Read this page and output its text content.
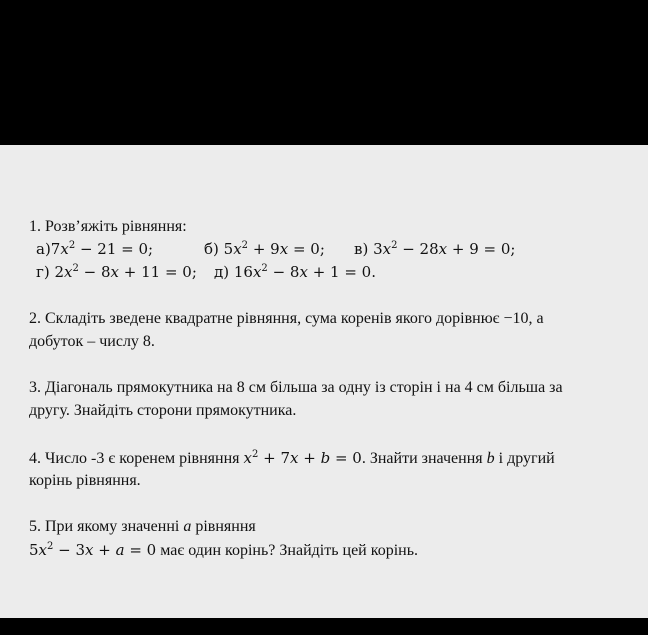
1. Розв’яжіть рівняння:
$а)7x^2 - 21 = 0$;	б) $5x^2 + 9x = 0$; в) $3x^2 - 28x + 9 = 0$;
г) $2x^2 - 8x + 11 = 0$; д) $16x^2 - 8x + 1 = 0$.
2. Складіть зведене квадратне рівняння, сума коренів якого дорівнює −10, а
добуток – числу 8.
3. Діагональ прямокутника на 8 см більша за одну із сторін і на 4 см більша за
другу. Знайдіть сторони прямокутника.
4. Число -3 є коренем рівняння $x^2 + 7x + b = 0$. Знайти значення b і другий
корінь рівняння.
5. При якому значенні a рівняння
$5x^2 - 3x + a = 0$ має один корінь? Знайдіть цей корінь.
